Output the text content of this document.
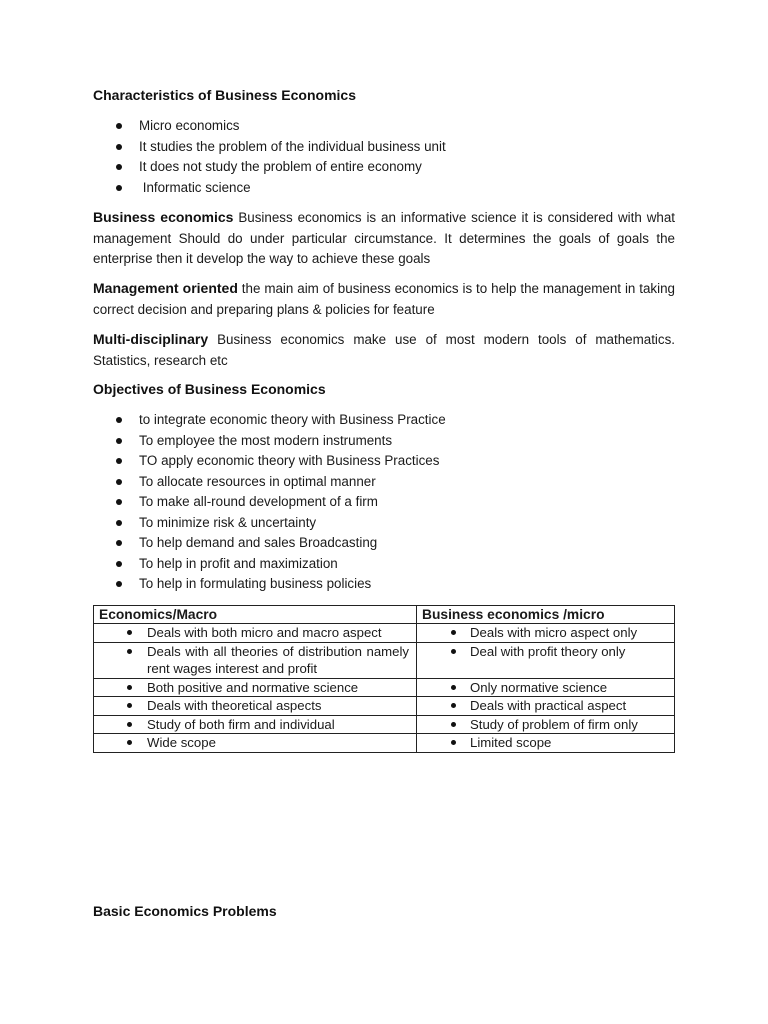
Characteristics of Business Economics
Micro economics
It studies the problem of the individual business unit
It does not study the problem of entire economy
Informatic science

Business economics Business economics is an informative science it is considered with what management Should do under particular circumstance. It determines the goals of goals the enterprise then it develop the way to achieve these goals

Management oriented the main aim of business economics is to help the management in taking correct decision and preparing plans & policies for feature

Multi-disciplinary Business economics make use of most modern tools of mathematics. Statistics, research etc

Objectives of Business Economics
to integrate economic theory with Business Practice
To employee the most modern instruments
TO apply economic theory with Business Practices
To allocate resources in optimal manner
To make all-round development of a firm
To minimize risk & uncertainty
To help demand and sales Broadcasting
To help in profit and maximization
To help in formulating business policies
Economics/Macro	Business economics /micro

Deals with both micro and macro aspect	Deals with micro aspect only

Deals with all theories of distribution namely rent wages interest and profit	Deal with profit theory only

Both positive and normative science	Only normative science

Deals with theoretical aspects	Deals with practical aspect

Study of both firm and individual	Study of problem of firm only

Wide scope	Limited scope
Basic Economics Problems
